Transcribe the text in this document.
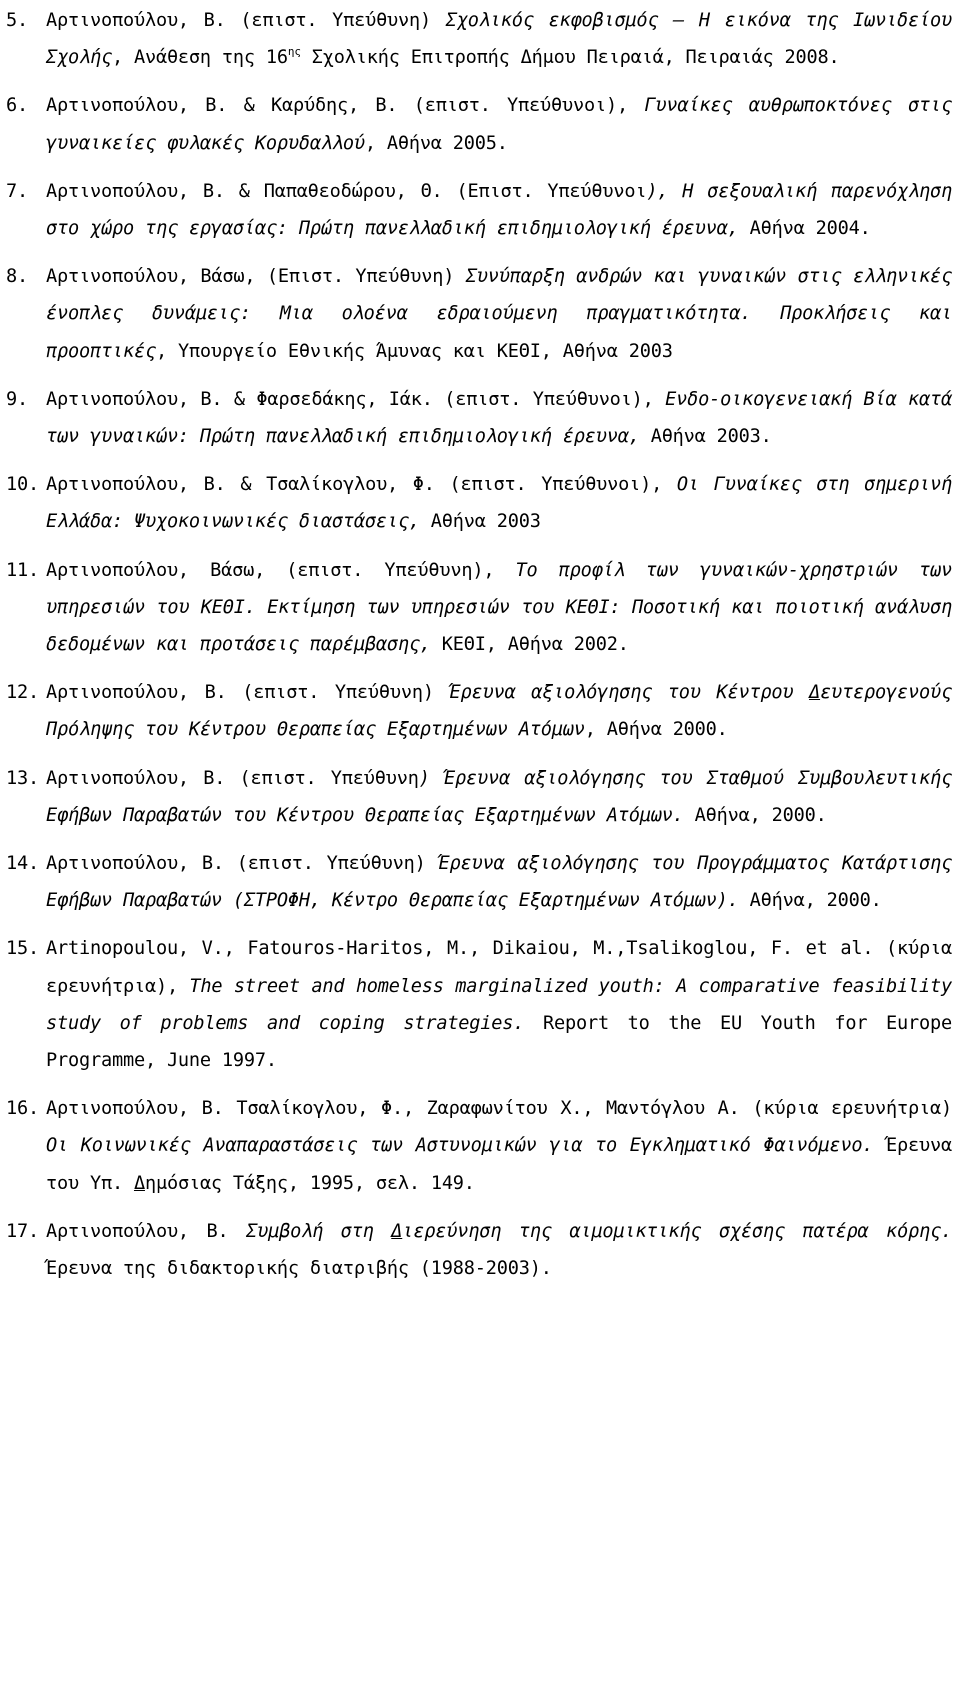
5. Αρτινοπούλου, Β. (επιστ. Υπεύθυνη) Σχολικός εκφοβισμός – Η εικόνα της Ιωνιδείου Σχολής, Ανάθεση της $16^{\eta\varsigma}$ Σχολικής Επιτροπής Δήμου Πειραιά, Πειραιάς 2008.
6. Αρτινοπούλου, Β. & Καρύδης, Β. (επιστ. Υπεύθυνοι), Γυναίκες αυθρωποκτόνες στις γυναικείες φυλακές Κορυδαλλού, Αθήνα 2005.
7. Αρτινοπούλου, Β. & Παπαθεοδώρου, Θ. (Επιστ. Υπεύθυνοι), Η σεξουαλική παρενόχληση στο χώρο της εργασίας: Πρώτη πανελλαδική επιδημιολογική έρευνα, Αθήνα 2004.
8. Αρτινοπούλου, Βάσω, (Επιστ. Υπεύθυνη) Συνύπαρξη ανδρών και γυναικών στις ελληνικές ένοπλες δυνάμεις: Μια ολοένα εδραιούμενη πραγματικότητα. Προκλήσεις και προοπτικές, Υπουργείο Εθνικής Άμυνας και ΚΕΘΙ, Αθήνα 2003
9. Αρτινοπούλου, Β. & Φαρσεδάκης, Ιάκ. (επιστ. Υπεύθυνοι), Ενδο-οικογενειακή Βία κατά των γυναικών: Πρώτη πανελλαδική επιδημιολογική έρευνα, Αθήνα 2003.
10. Αρτινοπούλου, Β. & Τσαλίκογλου, Φ. (επιστ. Υπεύθυνοι), Οι Γυναίκες στη σημερινή Ελλάδα: Ψυχοκοινωνικές διαστάσεις, Αθήνα 2003
11. Αρτινοπούλου, Βάσω, (επιστ. Υπεύθυνη), Το προφίλ των γυναικών-χρηστριών των υπηρεσιών του ΚΕΘΙ. Εκτίμηση των υπηρεσιών του ΚΕΘΙ: Ποσοτική και ποιοτική ανάλυση δεδομένων και προτάσεις παρέμβασης, ΚΕΘΙ, Αθήνα 2002.
12. Αρτινοπούλου, Β. (επιστ. Υπεύθυνη) Έρευνα αξιολόγησης του Κέντρου Δευτερογενούς Πρόληψης του Κέντρου Θεραπείας Εξαρτημένων Ατόμων, Αθήνα 2000.
13. Αρτινοπούλου, Β. (επιστ. Υπεύθυνη) Έρευνα αξιολόγησης του Σταθμού Συμβουλευτικής Εφήβων Παραβατών του Κέντρου Θεραπείας Εξαρτημένων Ατόμων. Αθήνα, 2000.
14. Αρτινοπούλου, Β. (επιστ. Υπεύθυνη) Έρευνα αξιολόγησης του Προγράμματος Κατάρτισης Εφήβων Παραβατών (ΣΤΡΟΦΗ, Κέντρο Θεραπείας Εξαρτημένων Ατόμων). Αθήνα, 2000.
15. Artinopoulou, V., Fatouros-Haritos, M., Dikaiou, M.,Tsalikoglou, F. et al. (κύρια ερευνήτρια), The street and homeless marginalized youth: A comparative feasibility study of problems and coping strategies. Report to the EU Youth for Europe Programme, June 1997.
16. Αρτινοπούλου, Β. Τσαλίκογλου, Φ., Ζαραφωνίτου Χ., Μαντόγλου Α. (κύρια ερευνήτρια) Οι Κοινωνικές Αναπαραστάσεις των Αστυνομικών για το Εγκληματικό Φαινόμενο. Έρευνα του Υπ. Δημόσιας Τάξης, 1995, σελ. 149.
17. Αρτινοπούλου, Β. Συμβολή στη Διερεύνηση της αιμομικτικής σχέσης πατέρα κόρης. Έρευνα της διδακτορικής διατριβής (1988-2003).
